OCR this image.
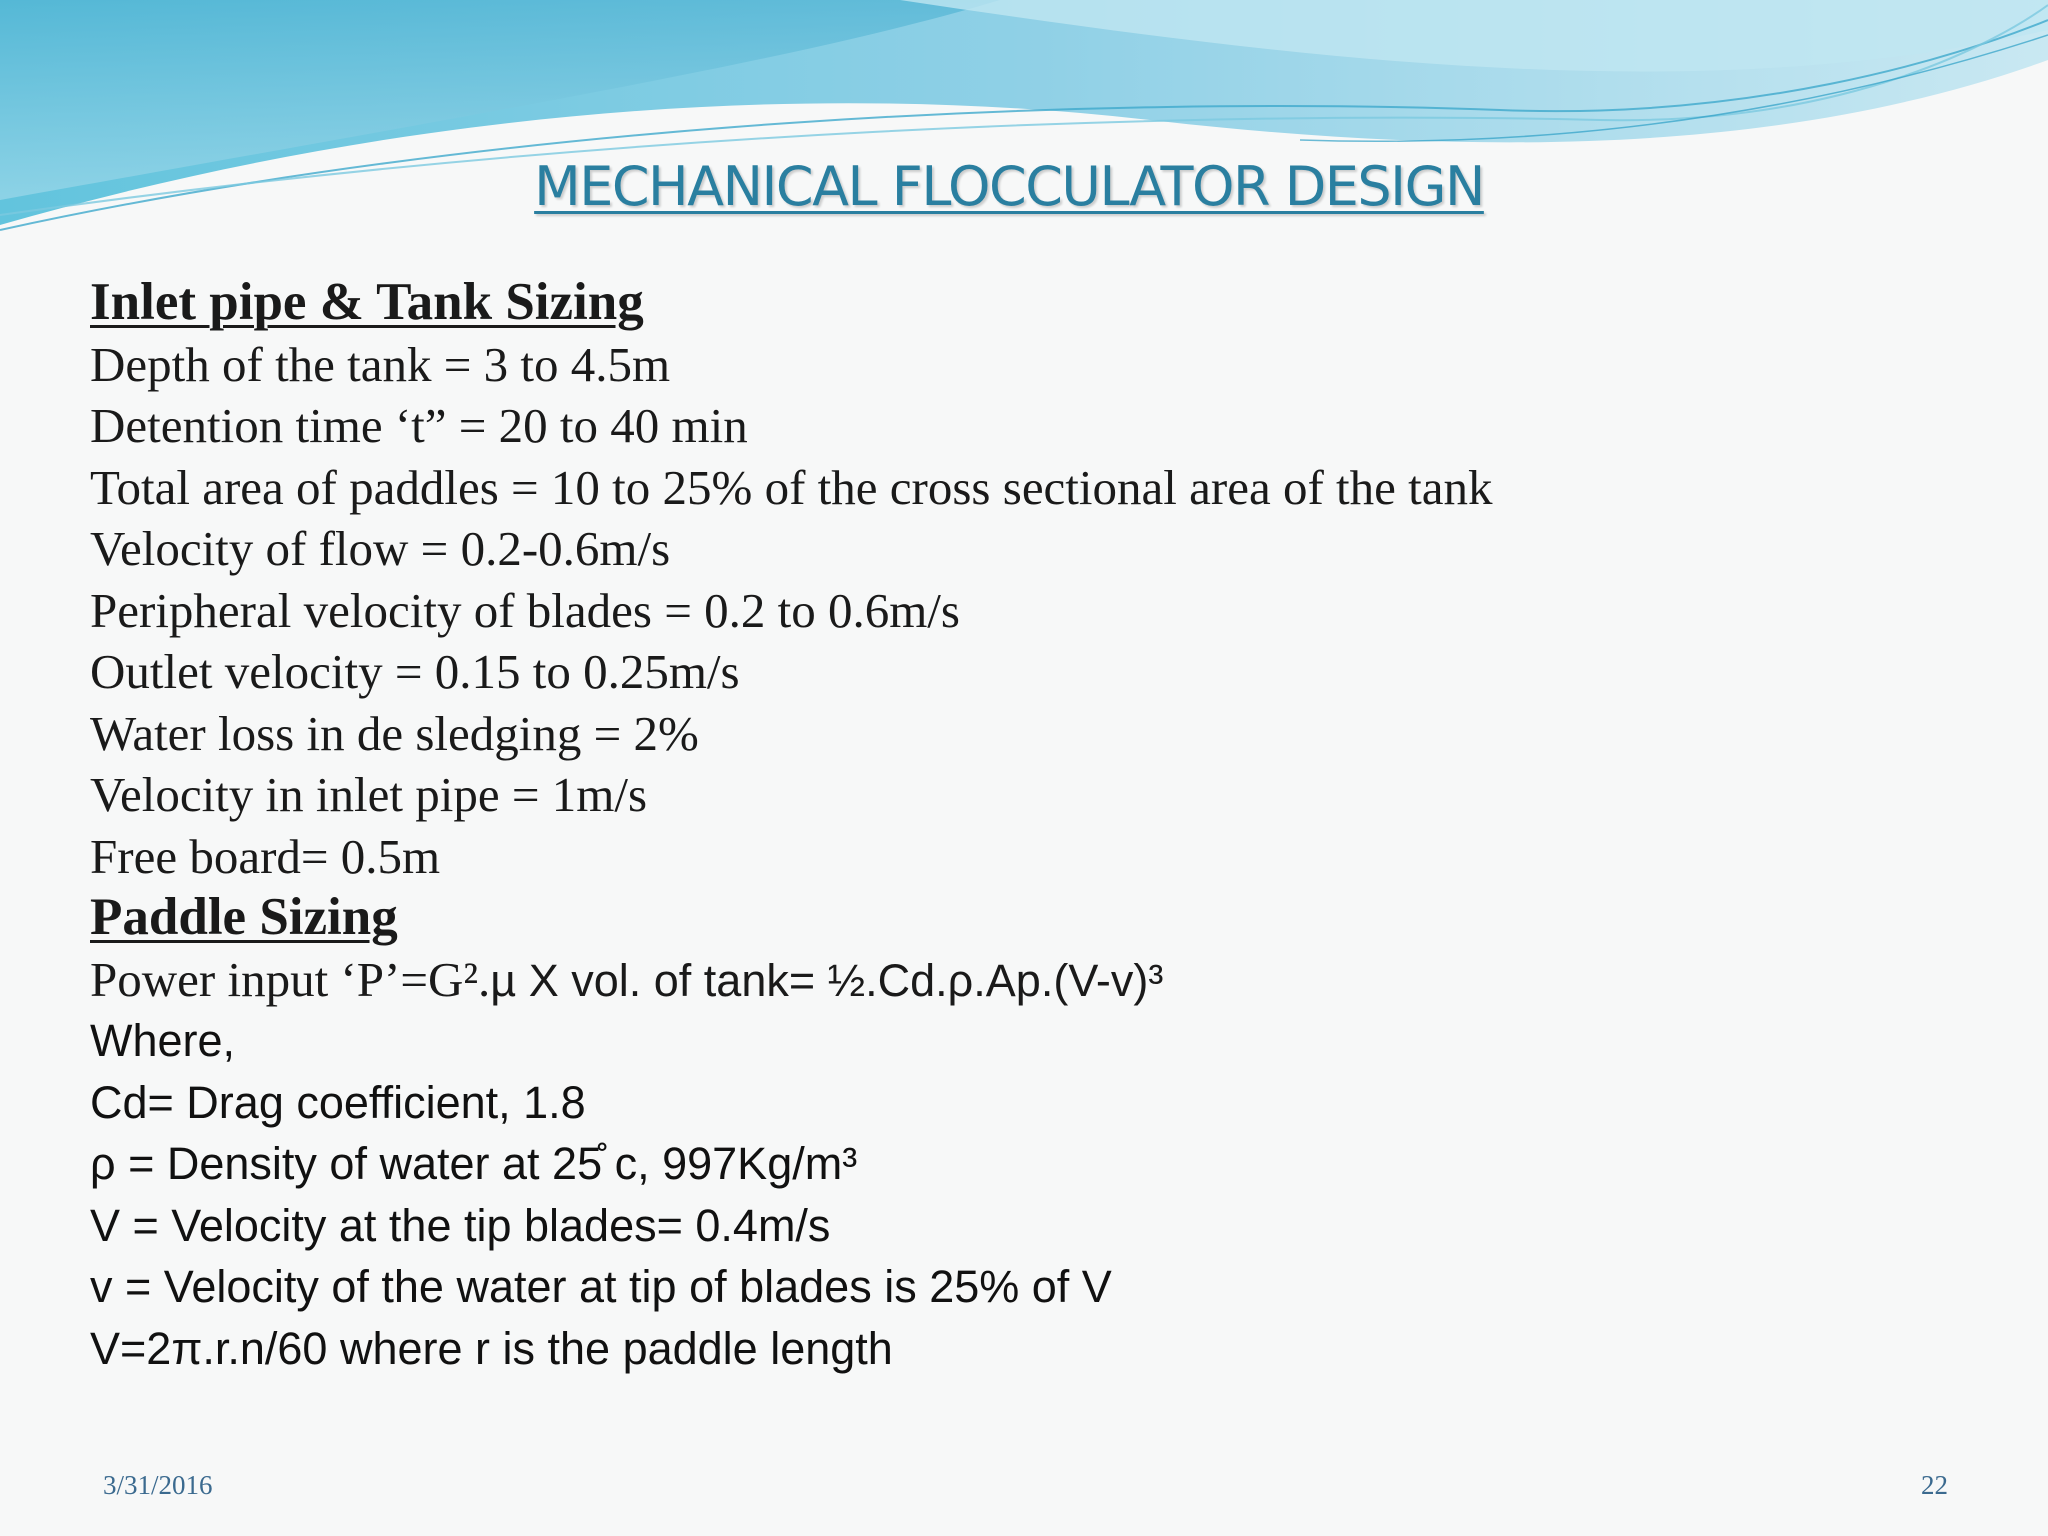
MECHANICAL FLOCCULATOR DESIGN
Inlet pipe & Tank Sizing
Depth of the tank = 3 to 4.5m
Detention time ‘t” = 20 to 40 min
Total area of paddles = 10 to 25% of the cross sectional area of the tank
Velocity of flow = 0.2-0.6m/s
Peripheral velocity of blades = 0.2 to 0.6m/s
Outlet velocity = 0.15 to 0.25m/s
Water loss in de sledging = 2%
Velocity in inlet pipe = 1m/s
Free board= 0.5m
Paddle Sizing
Power input ‘P’=G².µ X vol. of tank= ½.Cd.ρ.Ap.(V-v)³
Where,
Cd= Drag coefficient, 1.8
ρ = Density of water at 25̊ c, 997Kg/m³
V = Velocity at the tip blades= 0.4m/s
v = Velocity of the water at tip of blades is 25% of V
V=2π.r.n/60 where r is the paddle length
3/31/2016	22
